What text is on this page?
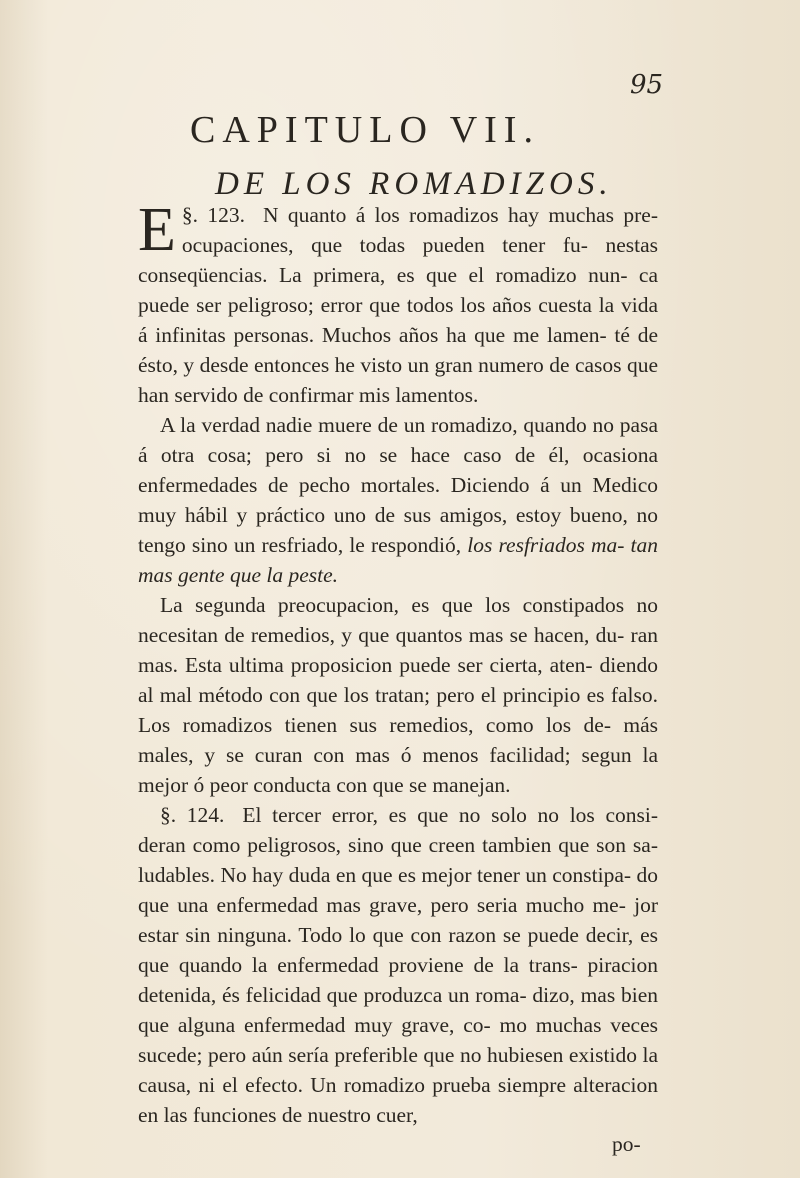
95
CAPITULO VII.
DE LOS ROMADIZOS.

§. 123.
E	N quanto á los romadizos hay muchas pre- ocupaciones, que todas pueden tener fu- nestas conseqüencias. La primera, es que el romadizo nun- ca puede ser peligroso; error que todos los años cuesta la vida á infinitas personas. Muchos años ha que me lamen- té de ésto, y desde entonces he visto un gran numero de casos que han servido de confirmar mis lamentos.

A la verdad nadie muere de un romadizo, quando no pasa á otra cosa; pero si no se hace caso de él, ocasiona enfermedades de pecho mortales. Diciendo á un Medico muy hábil y práctico uno de sus amigos, estoy bueno, no tengo sino un resfriado, le respondió, los resfriados ma- tan mas gente que la peste.

La segunda preocupacion, es que los constipados no necesitan de remedios, y que quantos mas se hacen, du- ran mas. Esta ultima proposicion puede ser cierta, aten- diendo al mal método con que los tratan; pero el principio es falso. Los romadizos tienen sus remedios, como los de- más males, y se curan con mas ó menos facilidad; segun la mejor ó peor conducta con que se manejan.

§. 124. El tercer error, es que no solo no los consi- deran como peligrosos, sino que creen tambien que son sa- ludables. No hay duda en que es mejor tener un constipa- do que una enfermedad mas grave, pero seria mucho me- jor estar sin ninguna. Todo lo que con razon se puede decir, es que quando la enfermedad proviene de la trans- piracion detenida, és felicidad que produzca un roma- dizo, mas bien que alguna enfermedad muy grave, co- mo muchas veces sucede; pero aún sería preferible que no hubiesen existido la causa, ni el efecto. Un romadizo prueba siempre alteracion en las funciones de nuestro cuer,

po-
